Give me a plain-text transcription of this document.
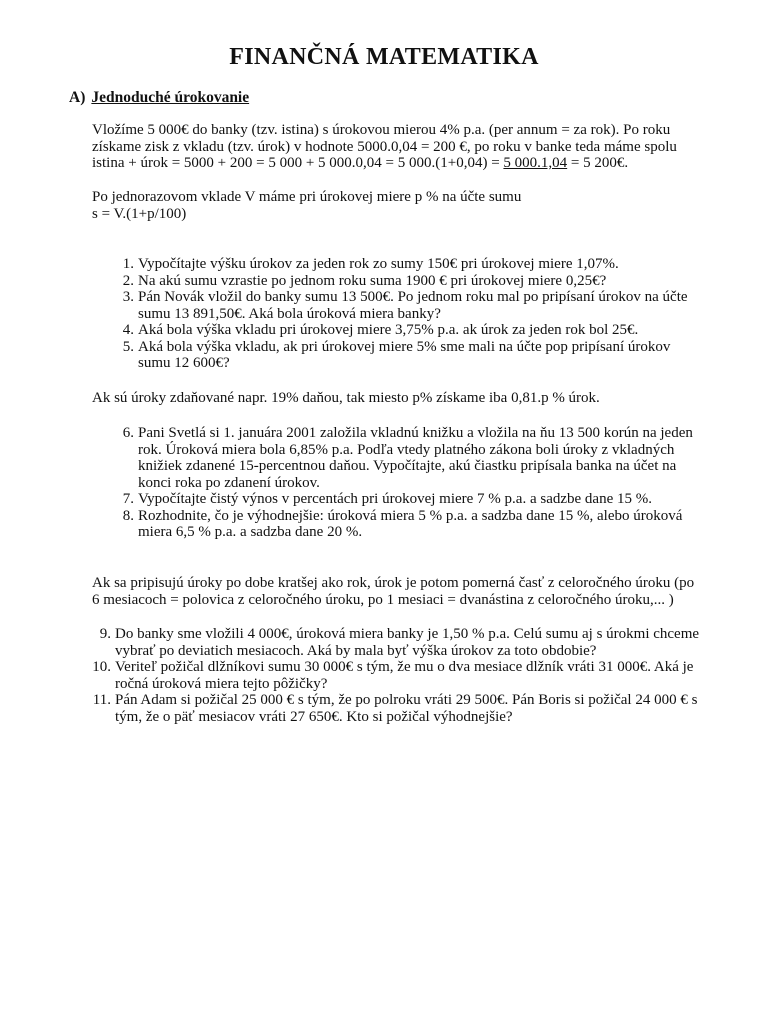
FINANČNÁ MATEMATIKA
A) Jednoduché úrokovanie
Vložíme 5 000€ do banky (tzv. istina) s úrokovou mierou 4% p.a. (per annum = za rok). Po roku
získame zisk z vkladu (tzv. úrok) v hodnote 5000.0,04 = 200 €, po roku v banke teda máme spolu
istina + úrok = 5000 + 200 = 5 000 + 5 000.0,04 = 5 000.(1+0,04) = 5 000.1,04 = 5 200€.
Po jednorazovom vklade V máme pri úrokovej miere p % na účte sumu
s = V.(1+p/100)
1. Vypočítajte výšku úrokov za jeden rok zo sumy 150€ pri úrokovej miere 1,07%.
2. Na akú sumu vzrastie po jednom roku suma 1900 € pri úrokovej miere 0,25€?
3. Pán Novák vložil do banky sumu 13 500€. Po jednom roku mal po pripísaní úrokov na účte
sumu 13 891,50€. Aká bola úroková miera banky?
4. Aká bola výška vkladu pri úrokovej miere 3,75% p.a. ak úrok za jeden rok bol 25€.
5. Aká bola výška vkladu, ak pri úrokovej miere 5% sme mali na účte pop pripísaní úrokov
sumu 12 600€?
Ak sú úroky zdaňované napr. 19% daňou, tak miesto p% získame iba 0,81.p % úrok.
6. Pani Svetlá si 1. januára 2001 založila vkladnú knižku a vložila na ňu 13 500 korún na jeden
rok. Úroková miera bola 6,85% p.a. Podľa vtedy platného zákona boli úroky z vkladných
knižiek zdanené 15-percentnou daňou. Vypočítajte, akú čiastku pripísala banka na účet na
konci roka po zdanení úrokov.
7. Vypočítajte čistý výnos v percentách pri úrokovej miere 7 % p.a. a sadzbe dane 15 %.
8. Rozhodnite, čo je výhodnejšie: úroková miera 5 % p.a. a sadzba dane 15 %, alebo úroková
miera 6,5 % p.a. a sadzba dane 20 %.
Ak sa pripisujú úroky po dobe kratšej ako rok, úrok je potom pomerná časť z celoročného úroku (po
6 mesiacoch = polovica z celoročného úroku, po 1 mesiaci = dvanástina z celoročného úroku,... )
9. Do banky sme vložili 4 000€, úroková miera banky je 1,50 % p.a. Celú sumu aj s úrokmi chceme
vybrať po deviatich mesiacoch. Aká by mala byť výška úrokov za toto obdobie?
10. Veriteľ požičal dlžníkovi sumu 30 000€ s tým, že mu o dva mesiace dlžník vráti 31 000€. Aká je
ročná úroková miera tejto pôžičky?
11. Pán Adam si požičal 25 000 € s tým, že po polroku vráti 29 500€. Pán Boris si požičal 24 000 € s
tým, že o päť mesiacov vráti 27 650€. Kto si požičal výhodnejšie?
